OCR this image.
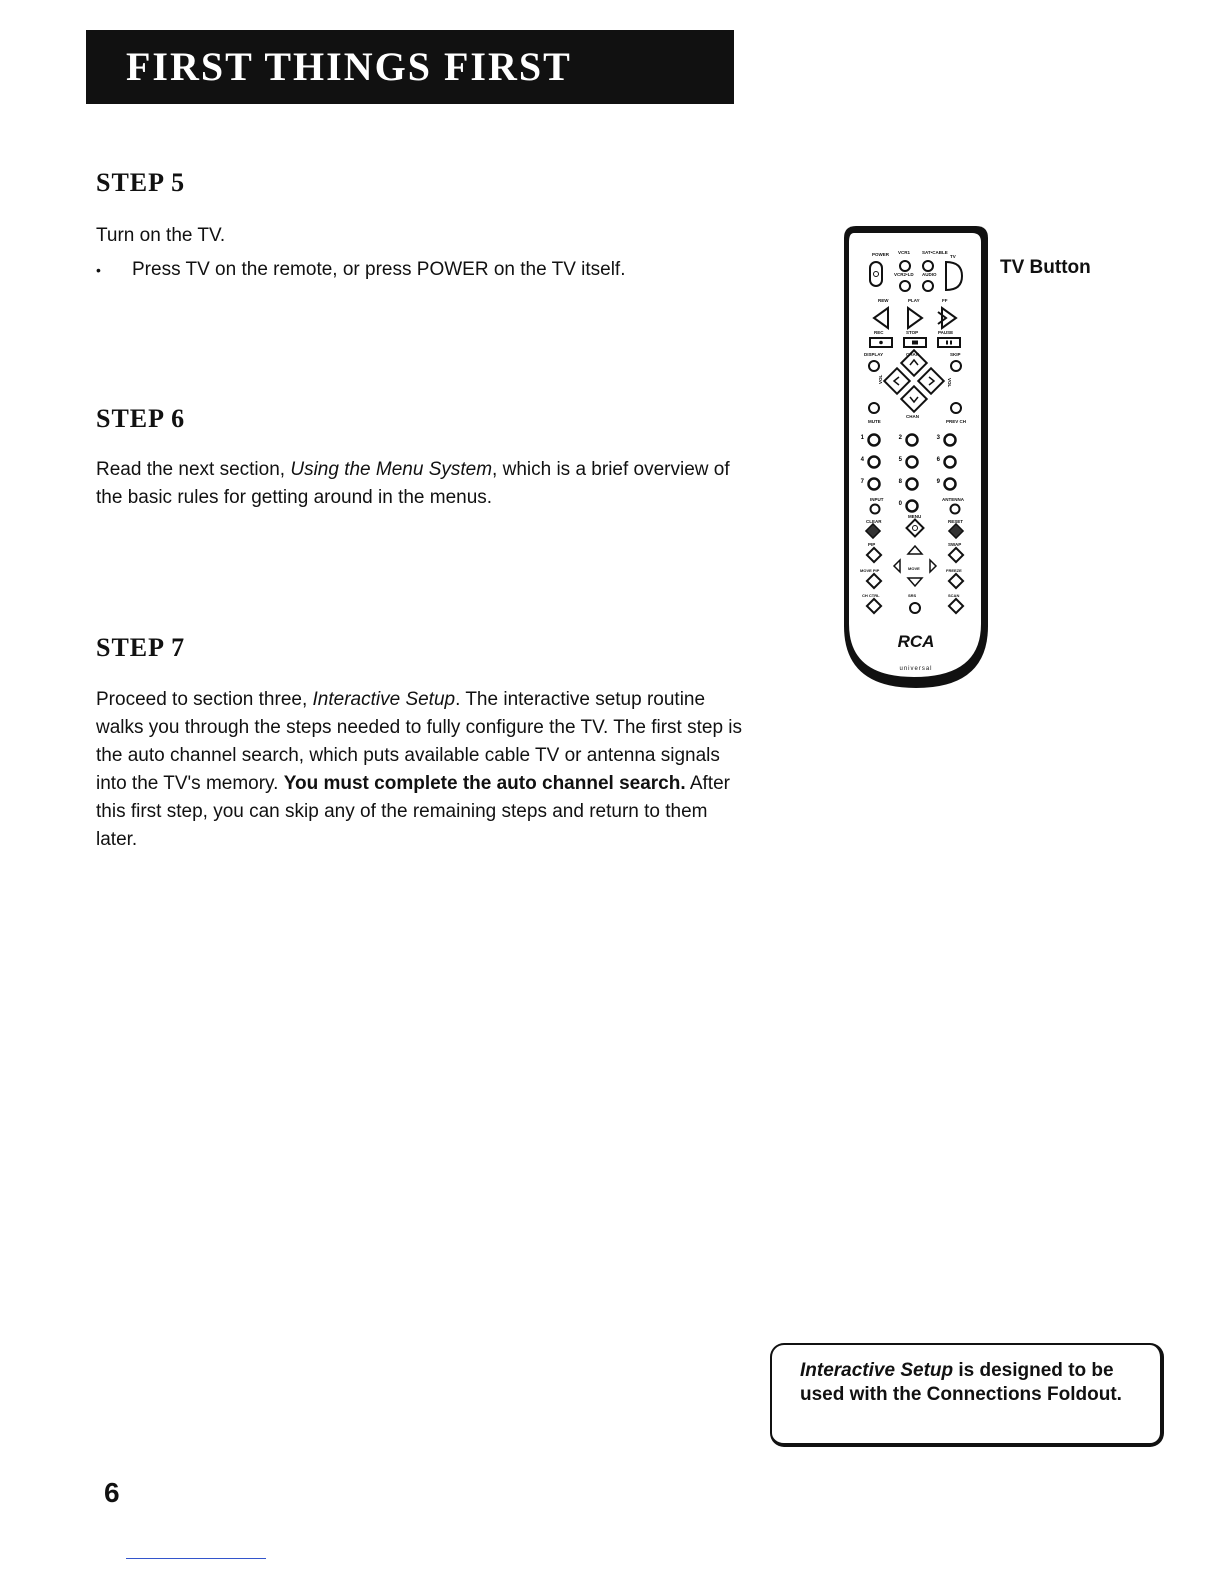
FIRST THINGS FIRST
STEP 5

Turn on the TV.

• Press TV on the remote, or press POWER on the TV itself.
STEP 6

Read the next section, Using the Menu System, which is a brief overview of the basic rules for getting around in the menus.

STEP 7

Proceed to section three, Interactive Setup. The interactive setup routine walks you through the steps needed to fully configure the TV. The first step is the auto channel search, which puts available cable TV or antenna signals into the TV's memory. You must complete the auto channel search. After this first step, you can skip any of the remaining steps and return to them later.

POWER VCR1	SAT•CABLE
TV
VCR2•LD AUDIO
REW	PLAY	FF
REC	STOP	PAUSE
DISPLAY	CHAN	SKIP
VOL	VOL
CHAN
MUTE	PREV CH
1	2	3
4	5	6
7	8	9
0
INPUT	ANTENNA
CLEAR
MENU
RESET
PIP	SWAP
MOVE PIP	MOVE	FREEZE
CH CTRL	SRS	SCAN
RCA
universal
TV Button
Interactive Setup is designed to be used with the Connections Foldout.
6
